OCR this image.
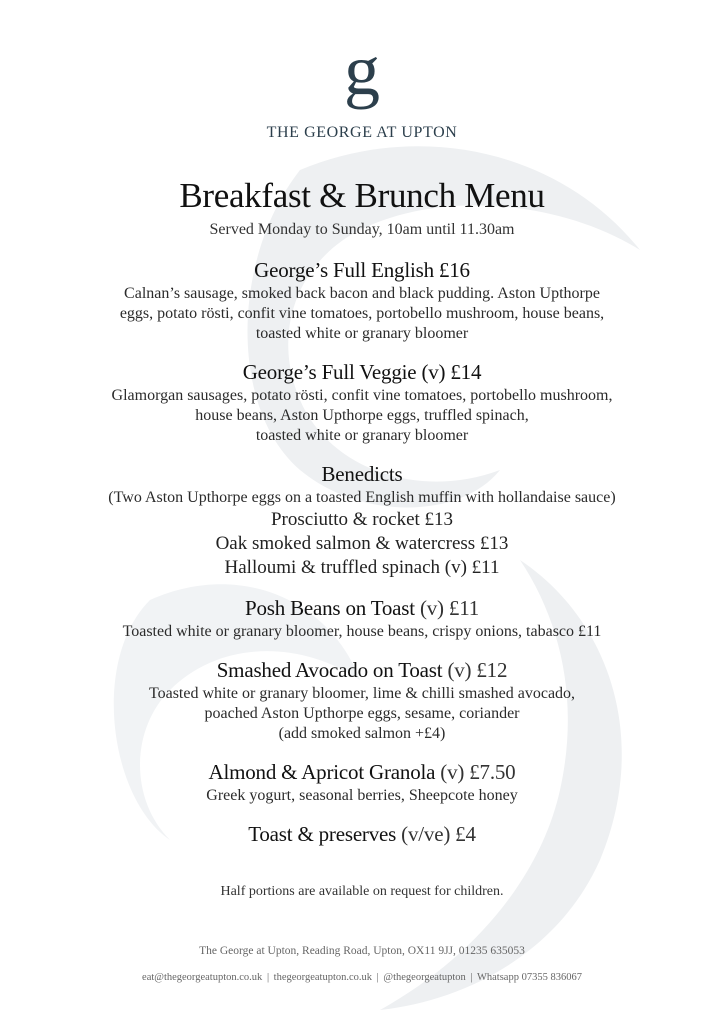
g
THE GEORGE AT UPTON
Breakfast & Brunch Menu
Served Monday to Sunday, 10am until 11.30am
George’s Full English £16
Calnan’s sausage, smoked back bacon and black pudding. Aston Upthorpe
eggs, potato rösti, confit vine tomatoes, portobello mushroom, house beans,
toasted white or granary bloomer
George’s Full Veggie (v) £14
Glamorgan sausages, potato rösti, confit vine tomatoes, portobello mushroom,
house beans, Aston Upthorpe eggs, truffled spinach,
toasted white or granary bloomer
Benedicts
(Two Aston Upthorpe eggs on a toasted English muffin with hollandaise sauce)
Prosciutto & rocket £13
Oak smoked salmon & watercress £13
Halloumi & truffled spinach (v) £11
Posh Beans on Toast (v) £11
Toasted white or granary bloomer, house beans, crispy onions, tabasco £11
Smashed Avocado on Toast (v) £12
Toasted white or granary bloomer, lime & chilli smashed avocado,
poached Aston Upthorpe eggs, sesame, coriander
(add smoked salmon +£4)
Almond & Apricot Granola (v) £7.50
Greek yogurt, seasonal berries, Sheepcote honey
Toast & preserves (v/ve) £4
Half portions are available on request for children.
The George at Upton, Reading Road, Upton, OX11 9JJ, 01235 635053
eat@thegeorgeatupton.co.uk | thegeorgeatupton.co.uk | @thegeorgeatupton | Whatsapp 07355 836067
